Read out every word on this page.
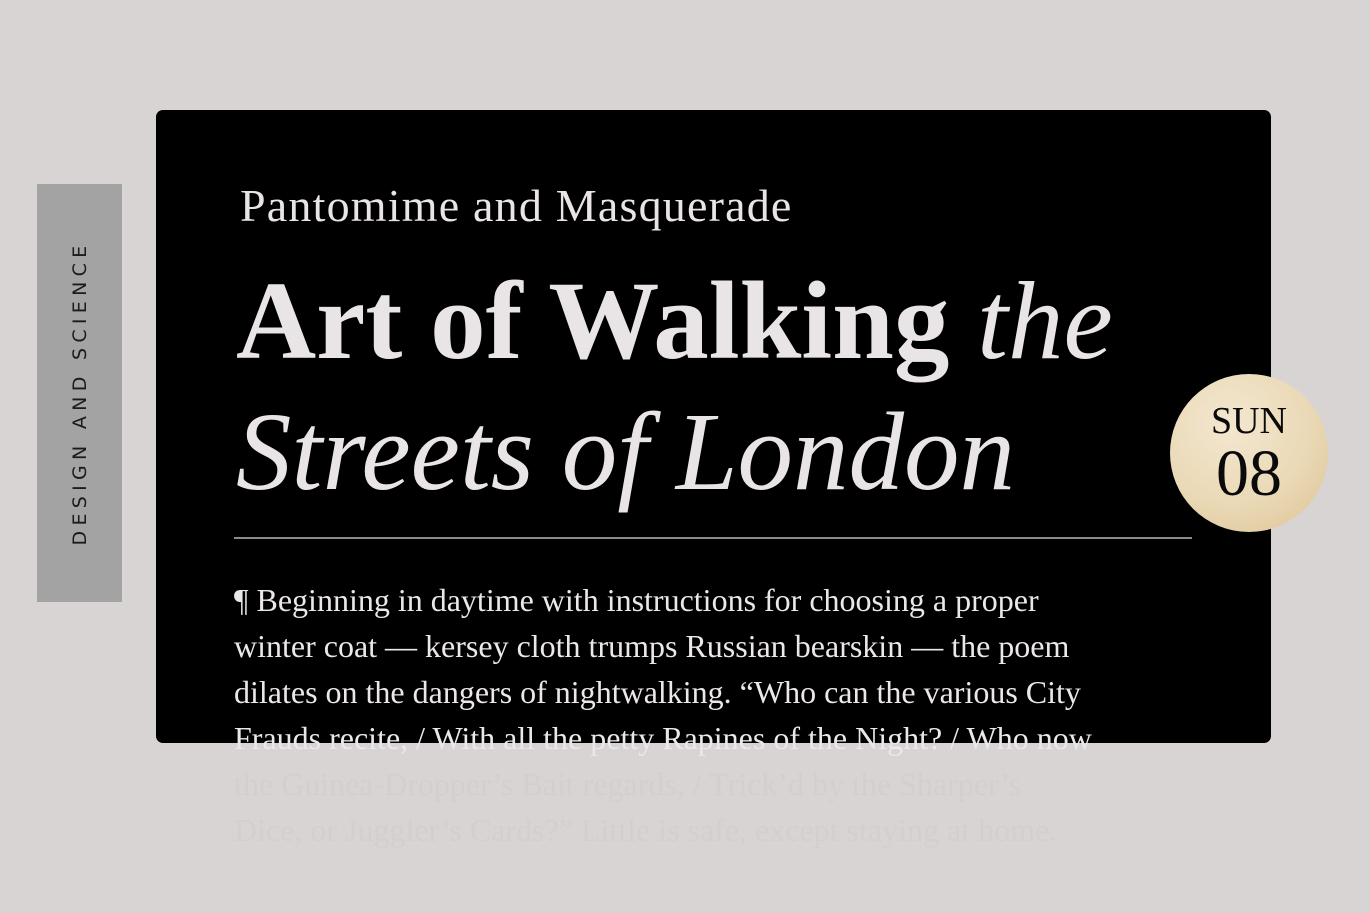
DESIGN AND SCIENCE
Pantomime and Masquerade
Art of Walking the
Streets of London	SUN
08

¶ Beginning in daytime with instructions for choosing a proper
winter coat — kersey cloth trumps Russian bearskin — the poem
dilates on the dangers of nightwalking. “Who can the various City
Frauds recite, / With all the petty Rapines of the Night? / Who now
the Guinea-Dropper’s Bait regards, / Trick’d by the Sharper’s
Dice, or Juggler’s Cards?” Little is safe, except staying at home.
